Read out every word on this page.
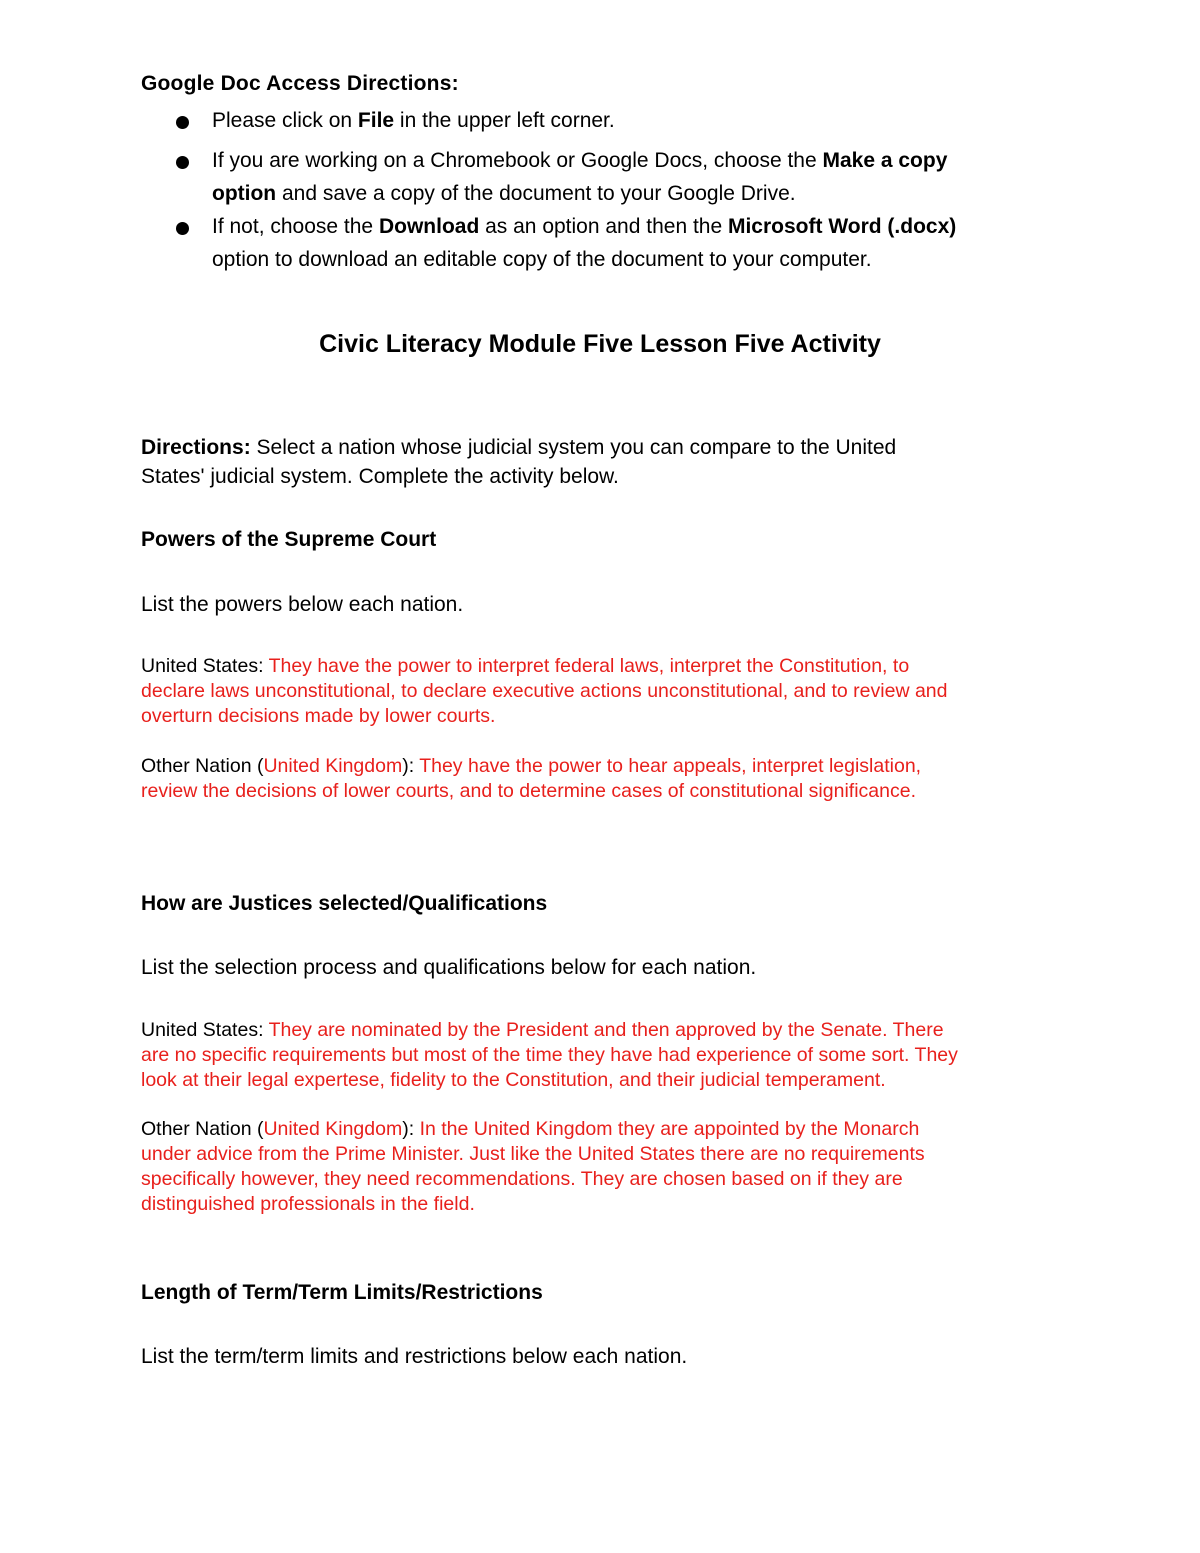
Google Doc Access Directions:

Please click on File in the upper left corner.
If you are working on a Chromebook or Google Docs, choose the Make a copy
option and save a copy of the document to your Google Drive.
If not, choose the Download as an option and then the Microsoft Word (.docx)
option to download an editable copy of the document to your computer.
Civic Literacy Module Five Lesson Five Activity
Directions: Select a nation whose judicial system you can compare to the United
States' judicial system. Complete the activity below.
Powers of the Supreme Court
List the powers below each nation.
United States: They have the power to interpret federal laws, interpret the Constitution, to
declare laws unconstitutional, to declare executive actions unconstitutional, and to review and
overturn decisions made by lower courts.
Other Nation (United Kingdom): They have the power to hear appeals, interpret legislation,
review the decisions of lower courts, and to determine cases of constitutional significance.
How are Justices selected/Qualifications
List the selection process and qualifications below for each nation.
United States: They are nominated by the President and then approved by the Senate. There
are no specific requirements but most of the time they have had experience of some sort. They
look at their legal expertese, fidelity to the Constitution, and their judicial temperament.
Other Nation (United Kingdom): In the United Kingdom they are appointed by the Monarch
under advice from the Prime Minister. Just like the United States there are no requirements
specifically however, they need recommendations. They are chosen based on if they are
distinguished professionals in the field.
Length of Term/Term Limits/Restrictions
List the term/term limits and restrictions below each nation.
